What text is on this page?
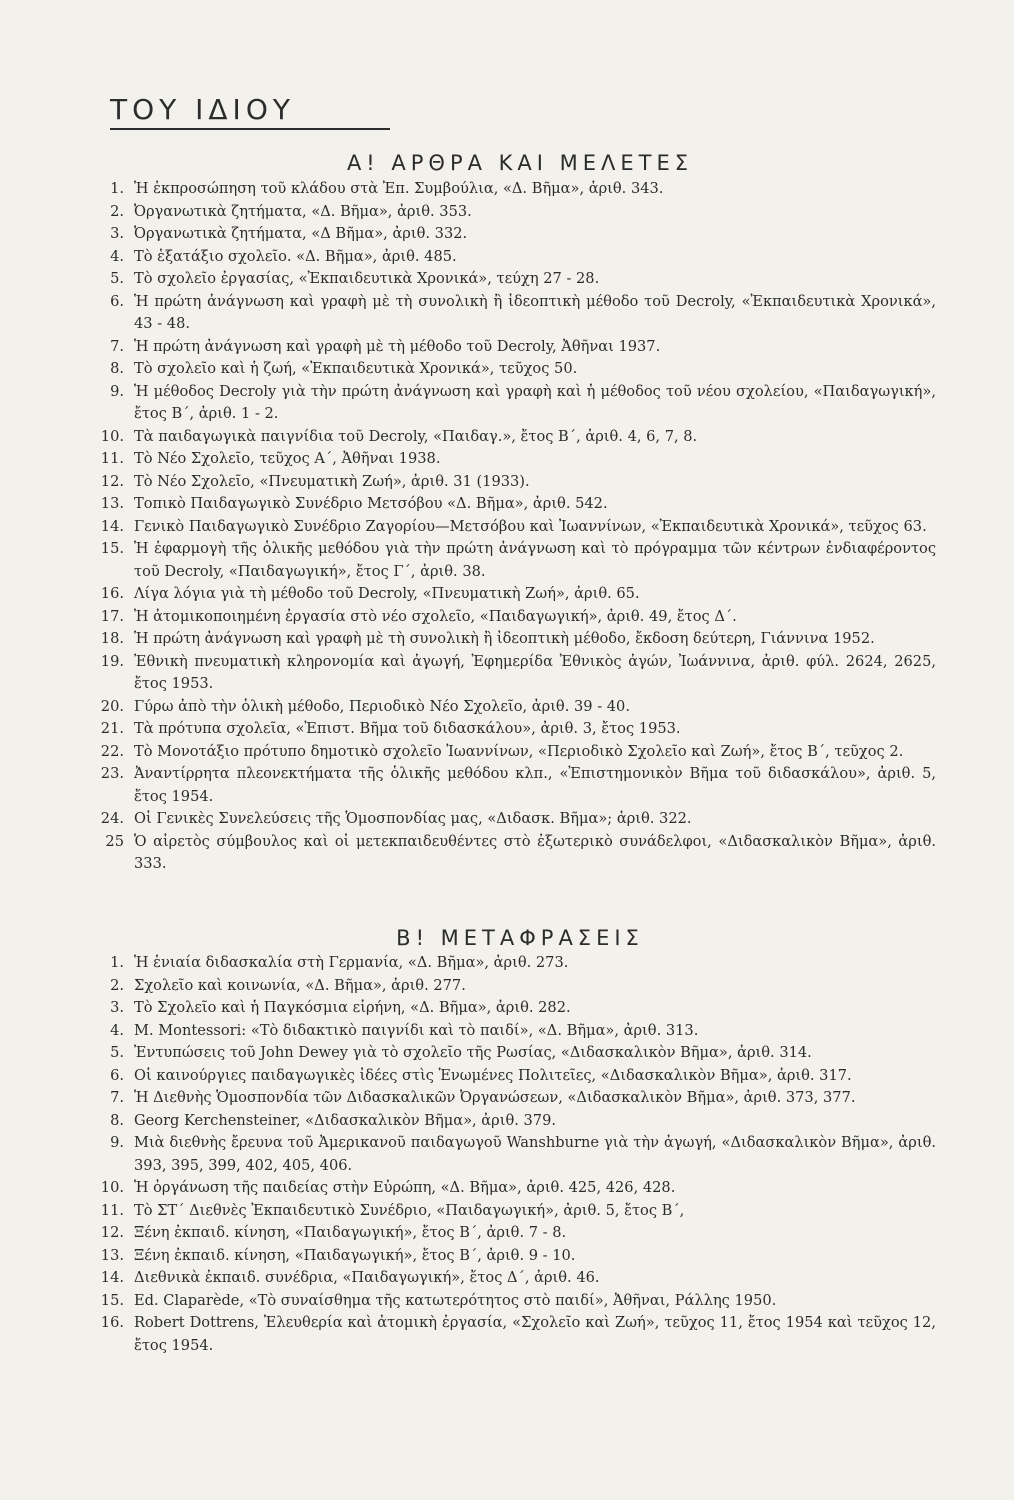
ΤΟΥ ΙΔΙΟΥ
Α! ΑΡΘΡΑ ΚΑΙ ΜΕΛΕΤΕΣ
1. Ἡ ἐκπροσώπηση τοῦ κλάδου στὰ Ἐπ. Συμβούλια, «Δ. Βῆμα», ἀριθ. 343.
2. Ὀργανωτικὰ ζητήματα, «Δ. Βῆμα», ἀριθ. 353.
3. Ὀργανωτικὰ ζητήματα, «Δ Βῆμα», ἀριθ. 332.
4. Τὸ ἑξατάξιο σχολεῖο. «Δ. Βῆμα», ἀριθ. 485.
5. Τὸ σχολεῖο ἐργασίας, «Ἐκπαιδευτικὰ Χρονικά», τεύχη 27 - 28.
6. Ἡ πρώτη ἀνάγνωση καὶ γραφὴ μὲ τὴ συνολικὴ ἢ ἰδεοπτικὴ μέθοδο τοῦ Decroly, «Ἐκπαιδευτικὰ Χρονικά», 43 - 48.
7. Ἡ πρώτη ἀνάγνωση καὶ γραφὴ μὲ τὴ μέθοδο τοῦ Decroly, Ἀθῆναι 1937.
8. Τὸ σχολεῖο καὶ ἡ ζωή, «Ἐκπαιδευτικὰ Χρονικά», τεῦχος 50.
9. Ἡ μέθοδος Decroly γιὰ τὴν πρώτη ἀνάγνωση καὶ γραφὴ καὶ ἡ μέθοδος τοῦ νέου σχολείου, «Παιδαγωγική», ἔτος Β΄, ἀριθ. 1 - 2.
10. Τὰ παιδαγωγικὰ παιγνίδια τοῦ Decroly, «Παιδαγ.», ἔτος Β΄, ἀριθ. 4, 6, 7, 8.
11. Τὸ Νέο Σχολεῖο, τεῦχος Α΄, Ἀθῆναι 1938.
12. Τὸ Νέο Σχολεῖο, «Πνευματικὴ Ζωή», ἀριθ. 31 (1933).
13. Τοπικὸ Παιδαγωγικὸ Συνέδριο Μετσόβου «Δ. Βῆμα», ἀριθ. 542.
14. Γενικὸ Παιδαγωγικὸ Συνέδριο Ζαγορίου—Μετσόβου καὶ Ἰωαννίνων, «Ἐκπαιδευτικὰ Χρονικά», τεῦχος 63.
15. Ἡ ἐφαρμογὴ τῆς ὁλικῆς μεθόδου γιὰ τὴν πρώτη ἀνάγνωση καὶ τὸ πρόγραμμα τῶν κέντρων ἐνδιαφέροντος τοῦ Decroly, «Παιδαγωγική», ἔτος Γ΄, ἀριθ. 38.
16. Λίγα λόγια γιὰ τὴ μέθοδο τοῦ Decroly, «Πνευματικὴ Ζωή», ἀριθ. 65.
17. Ἡ ἀτομικοποιημένη ἐργασία στὸ νέο σχολεῖο, «Παιδαγωγική», ἀριθ. 49, ἔτος Δ΄.
18. Ἡ πρώτη ἀνάγνωση καὶ γραφὴ μὲ τὴ συνολικὴ ἢ ἰδεοπτικὴ μέθοδο, ἔκδοση δεύτερη, Γιάννινα 1952.
19. Ἐθνικὴ πνευματικὴ κληρονομία καὶ ἀγωγή, Ἐφημερίδα Ἐθνικὸς ἀγών, Ἰωάννινα, ἀριθ. φύλ. 2624, 2625, ἔτος 1953.
20. Γύρω ἀπὸ τὴν ὁλικὴ μέθοδο, Περιοδικὸ Νέο Σχολεῖο, ἀριθ. 39 - 40.
21. Τὰ πρότυπα σχολεῖα, «Ἐπιστ. Βῆμα τοῦ διδασκάλου», ἀριθ. 3, ἔτος 1953.
22. Τὸ Μονοτάξιο πρότυπο δημοτικὸ σχολεῖο Ἰωαννίνων, «Περιοδικὸ Σχολεῖο καὶ Ζωή», ἔτος Β΄, τεῦχος 2.
23. Ἀναντίρρητα πλεονεκτήματα τῆς ὁλικῆς μεθόδου κλπ., «Ἐπιστημονικὸν Βῆμα τοῦ διδασκάλου», ἀριθ. 5, ἔτος 1954.
24. Οἱ Γενικὲς Συνελεύσεις τῆς Ὁμοσπονδίας μας, «Διδασκ. Βῆμα»; ἀριθ. 322.
25 Ὁ αἱρετὸς σύμβουλος καὶ οἱ μετεκπαιδευθέντες στὸ ἐξωτερικὸ συνάδελφοι, «Διδασκαλικὸν Βῆμα», ἀριθ. 333.
Β! ΜΕΤΑΦΡΑΣΕΙΣ
1. Ἡ ἑνιαία διδασκαλία στὴ Γερμανία, «Δ. Βῆμα», ἀριθ. 273.
2. Σχολεῖο καὶ κοινωνία, «Δ. Βῆμα», ἀριθ. 277.
3. Τὸ Σχολεῖο καὶ ἡ Παγκόσμια εἰρήνη, «Δ. Βῆμα», ἀριθ. 282.
4. M. Montessori: «Τὸ διδακτικὸ παιγνίδι καὶ τὸ παιδί», «Δ. Βῆμα», ἀριθ. 313.
5. Ἐντυπώσεις τοῦ John Dewey γιὰ τὸ σχολεῖο τῆς Ρωσίας, «Διδασκαλικὸν Βῆμα», ἀριθ. 314.
6. Οἱ καινούργιες παιδαγωγικὲς ἰδέες στὶς Ἑνωμένες Πολιτεῖες, «Διδασκαλικὸν Βῆμα», ἀριθ. 317.
7. Ἡ Διεθνὴς Ὁμοσπονδία τῶν Διδασκαλικῶν Ὀργανώσεων, «Διδασκαλικὸν Βῆμα», ἀριθ. 373, 377.
8. Georg Kerchensteiner, «Διδασκαλικὸν Βῆμα», ἀριθ. 379.
9. Μιὰ διεθνὴς ἔρευνα τοῦ Ἀμερικανοῦ παιδαγωγοῦ Wanshburne γιὰ τὴν ἀγωγή, «Διδασκαλικὸν Βῆμα», ἀριθ. 393, 395, 399, 402, 405, 406.
10. Ἡ ὀργάνωση τῆς παιδείας στὴν Εὐρώπη, «Δ. Βῆμα», ἀριθ. 425, 426, 428.
11. Τὸ ΣΤ΄ Διεθνὲς Ἐκπαιδευτικὸ Συνέδριο, «Παιδαγωγική», ἀριθ. 5, ἔτος Β΄,
12. Ξένη ἐκπαιδ. κίνηση, «Παιδαγωγική», ἔτος Β΄, ἀριθ. 7 - 8.
13. Ξένη ἐκπαιδ. κίνηση, «Παιδαγωγική», ἔτος Β΄, ἀριθ. 9 - 10.
14. Διεθνικὰ ἐκπαιδ. συνέδρια, «Παιδαγωγική», ἔτος Δ΄, ἀριθ. 46.
15. Ed. Claparède, «Τὸ συναίσθημα τῆς κατωτερότητος στὸ παιδί», Ἀθῆναι, Ράλλης 1950.
16. Robert Dottrens, Ἐλευθερία καὶ ἀτομικὴ ἐργασία, «Σχολεῖο καὶ Ζωή», τεῦχος 11, ἔτος 1954 καὶ τεῦχος 12, ἔτος 1954.
